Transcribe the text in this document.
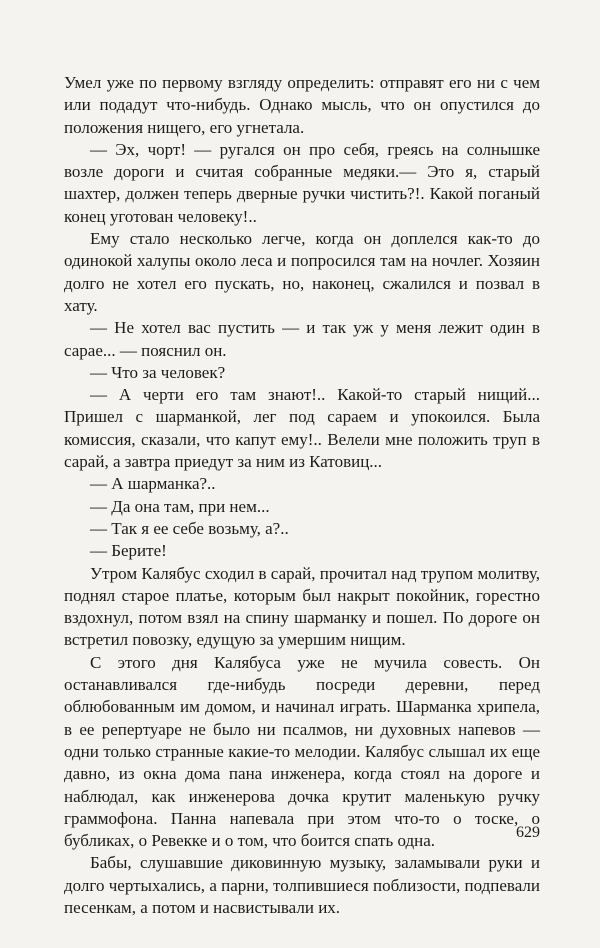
Умел уже по первому взгляду определить: отправят его ни с чем или подадут что-нибудь. Однако мысль, что он опустился до положения нищего, его угнетала.

— Эх, чорт! — ругался он про себя, греясь на солнышке возле дороги и считая собранные медяки.— Это я, старый шахтер, должен теперь дверные ручки чистить?!. Какой поганый конец уготован человеку!..

Ему стало несколько легче, когда он доплелся как-то до одинокой халупы около леса и попросился там на ночлег. Хозяин долго не хотел его пускать, но, наконец, сжалился и позвал в хату.

— Не хотел вас пустить — и так уж у меня лежит один в сарае... — пояснил он.

— Что за человек?

— А черти его там знают!.. Какой-то старый нищий... Пришел с шарманкой, лег под сараем и упокоился. Была комиссия, сказали, что капут ему!.. Велели мне положить труп в сарай, а завтра приедут за ним из Катовиц...

— А шарманка?..

— Да она там, при нем...

— Так я ее себе возьму, а?..

— Берите!

Утром Калябус сходил в сарай, прочитал над трупом молитву, поднял старое платье, которым был накрыт покойник, горестно вздохнул, потом взял на спину шарманку и пошел. По дороге он встретил повозку, едущую за умершим нищим.

С этого дня Калябуса уже не мучила совесть. Он останавливался где-нибудь посреди деревни, перед облюбованным им домом, и начинал играть. Шарманка хрипела, в ее репертуаре не было ни псалмов, ни духовных напевов — одни только странные какие-то мелодии. Калябус слышал их еще давно, из окна дома пана инженера, когда стоял на дороге и наблюдал, как инженерова дочка крутит маленькую ручку граммофона. Панна напевала при этом что-то о тоске, о бубликах, о Ревекке и о том, что боится спать одна.

Бабы, слушавшие диковинную музыку, заламывали руки и долго чертыхались, а парни, толпившиеся поблизости, подпевали песенкам, а потом и насвистывали их.

629
